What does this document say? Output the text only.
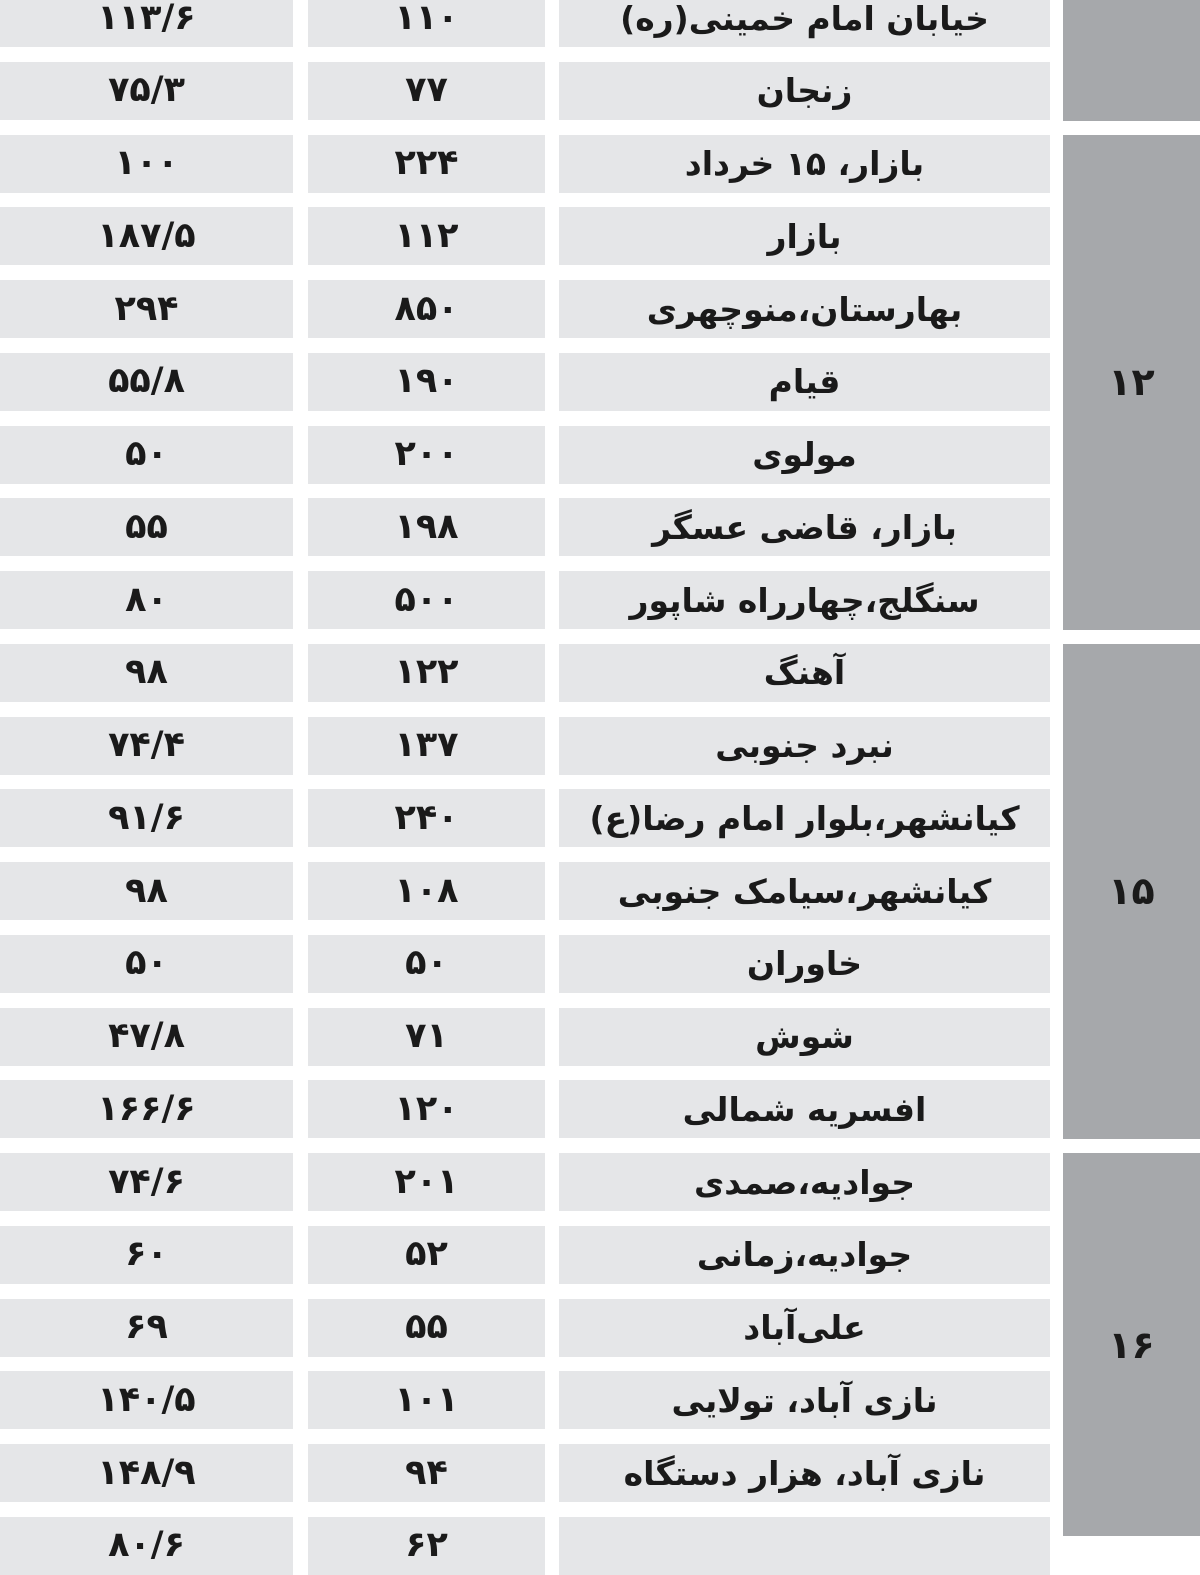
خیابان امام خمینی(ره)
۱۱۰
۱۱۳/۶
زنجان
۷۷
۷۵/۳
بازار، ۱۵ خرداد
۲۲۴
۱۰۰
بازار
۱۱۲
۱۸۷/۵
بهارستان،منوچهری
۸۵۰
۲۹۴
قیام
۱۹۰
۵۵/۸
مولوی
۲۰۰
۵۰
بازار، قاضی عسگر
۱۹۸
۵۵
سنگلج،چهارراه شاپور
۵۰۰
۸۰
۱۲
آهنگ
۱۲۲
۹۸
نبرد جنوبی
۱۳۷
۷۴/۴
کیانشهر،بلوار امام رضا(ع)
۲۴۰
۹۱/۶
کیانشهر،سیامک جنوبی
۱۰۸
۹۸
خاوران
۵۰
۵۰
شوش
۷۱
۴۷/۸
افسریه شمالی
۱۲۰
۱۶۶/۶
۱۵
جوادیه،صمدی
۲۰۱
۷۴/۶
جوادیه،زمانی
۵۲
۶۰
علی‌آباد
۵۵
۶۹
نازی آباد، تولایی
۱۰۱
۱۴۰/۵
نازی آباد، هزار دستگاه
۹۴
۱۴۸/۹
۶۲
۸۰/۶
۱۶
